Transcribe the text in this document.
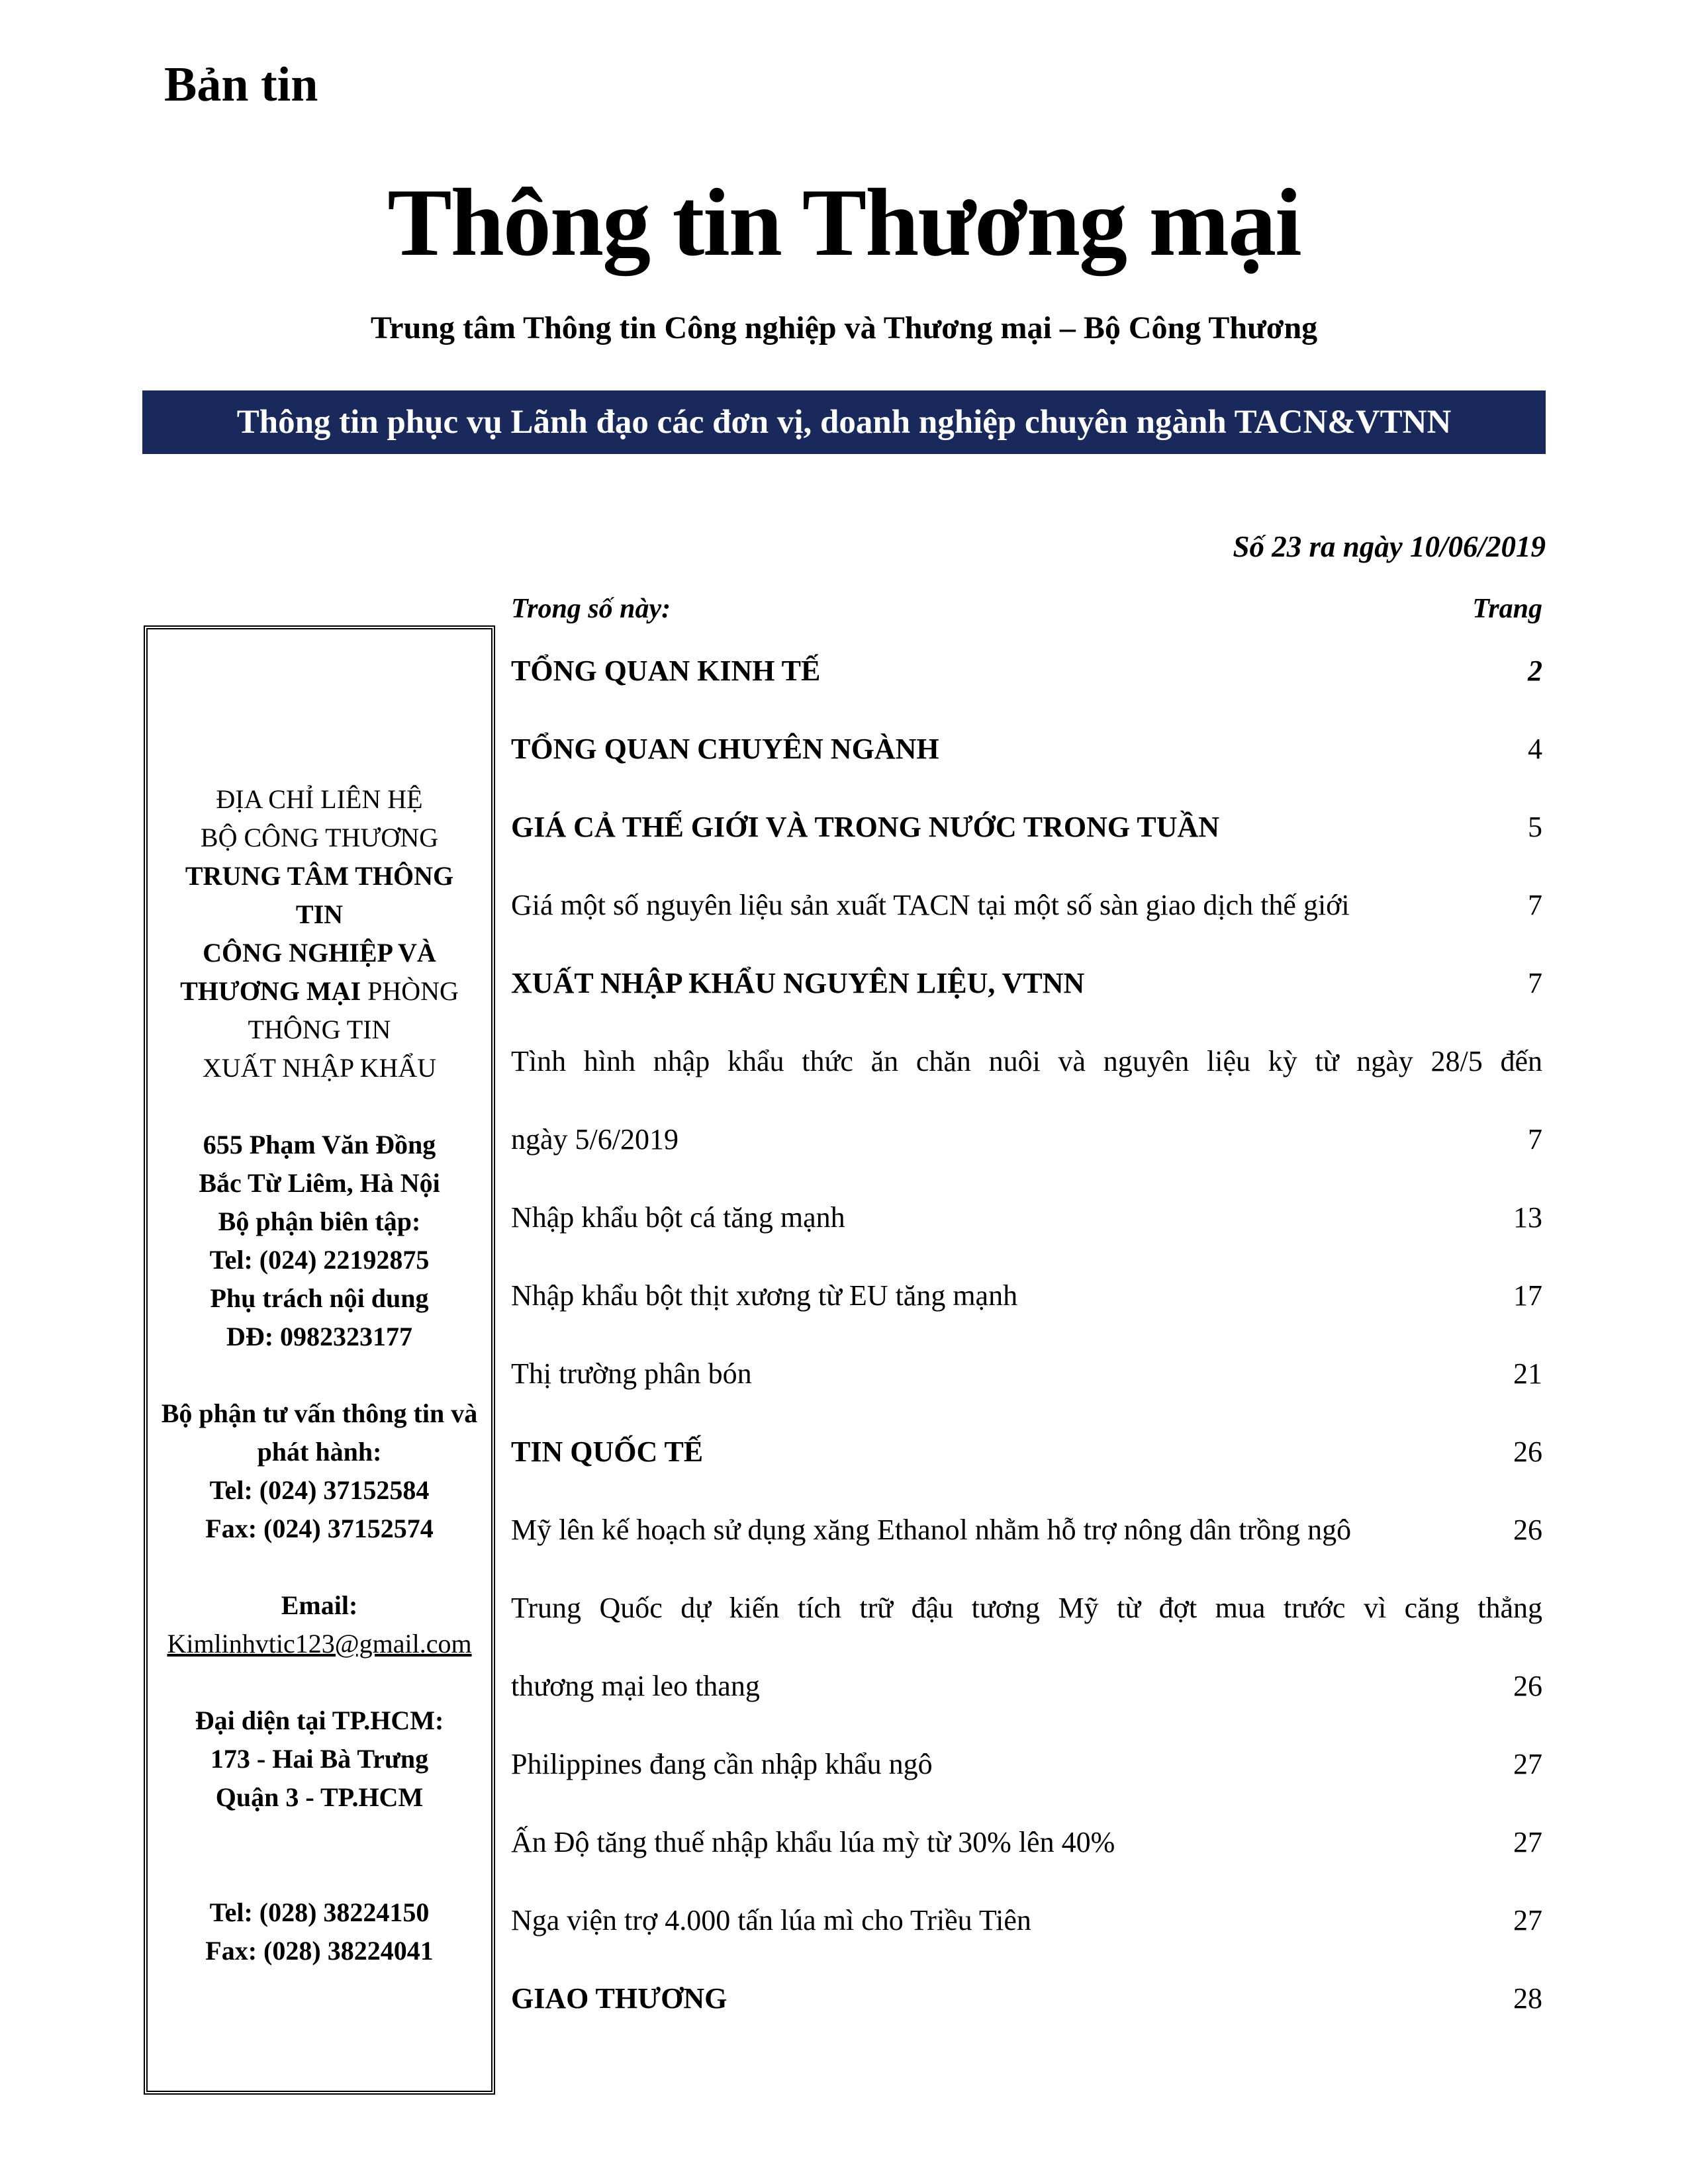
Bản tin
Thông tin Thương mại
Trung tâm Thông tin Công nghiệp và Thương mại – Bộ Công Thương
Thông tin phục vụ Lãnh đạo các đơn vị, doanh nghiệp chuyên ngành TACN&VTNN
Số 23 ra ngày 10/06/2019
Trong số này:	Trang
ĐỊA CHỈ LIÊN HỆ
BỘ CÔNG THƯƠNG
TRUNG TÂM THÔNG
TIN
CÔNG NGHIỆP VÀ
THƯƠNG MẠI PHÒNG
THÔNG TIN
XUẤT NHẬP KHẨU

655 Phạm Văn Đồng
Bắc Từ Liêm, Hà Nội
Bộ phận biên tập:
Tel: (024) 22192875
Phụ trách nội dung
DĐ: 0982323177

Bộ phận tư vấn thông tin và
phát hành:
Tel: (024) 37152584
Fax: (024) 37152574

Email:
Kimlinhvtic123@gmail.com

Đại diện tại TP.HCM:
173 - Hai Bà Trưng
Quận 3 - TP.HCM

Tel: (028) 38224150
Fax: (028) 38224041
TỔNG QUAN KINH TẾ	2
TỔNG QUAN CHUYÊN NGÀNH	4
GIÁ CẢ THẾ GIỚI VÀ TRONG NƯỚC TRONG TUẦN	5
Giá một số nguyên liệu sản xuất TACN tại một số sàn giao dịch thế giới	7
XUẤT NHẬP KHẨU NGUYÊN LIỆU, VTNN	7
Tình hình nhập khẩu thức ăn chăn nuôi và nguyên liệu kỳ từ ngày 28/5 đến
ngày 5/6/2019	7
Nhập khẩu bột cá tăng mạnh	13
Nhập khẩu bột thịt xương từ EU tăng mạnh	17
Thị trường phân bón	21
TIN QUỐC TẾ	26
Mỹ lên kế hoạch sử dụng xăng Ethanol nhằm hỗ trợ nông dân trồng ngô	26
Trung Quốc dự kiến tích trữ đậu tương Mỹ từ đợt mua trước vì căng thẳng
thương mại leo thang	26
Philippines đang cần nhập khẩu ngô	27
Ấn Độ tăng thuế nhập khẩu lúa mỳ từ 30% lên 40%	27
Nga viện trợ 4.000 tấn lúa mì cho Triều Tiên	27
GIAO THƯƠNG	28
